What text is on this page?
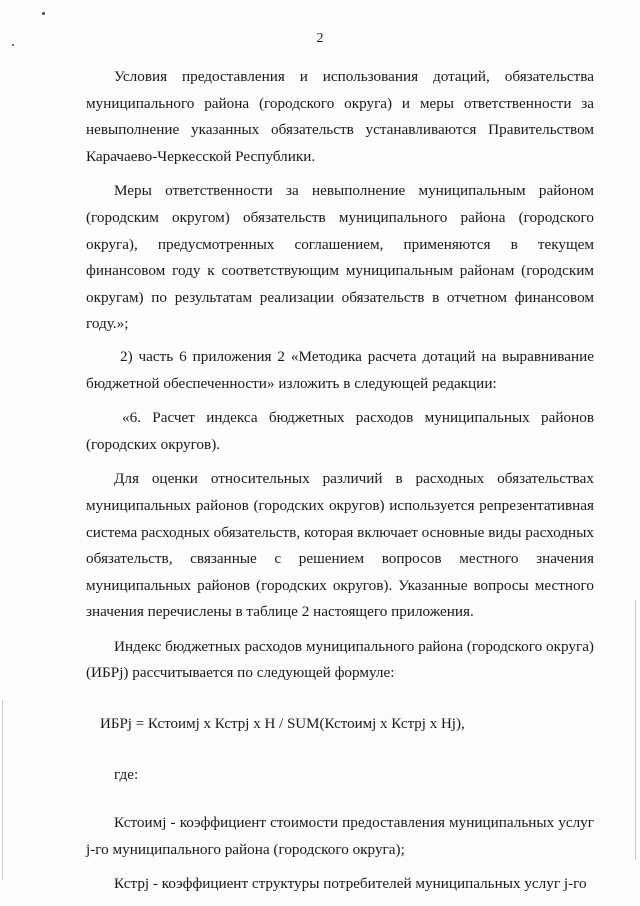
2

Условия предоставления и использования дотаций, обязательства муниципального района (городского округа) и меры ответственности за невыполнение указанных обязательств устанавливаются Правительством Карачаево-Черкесской Республики.

Меры ответственности за невыполнение муниципальным районом (городским округом) обязательств муниципального района (городского округа), предусмотренных соглашением, применяются в текущем финансовом году к соответствующим муниципальным районам (городским округам) по результатам реализации обязательств в отчетном финансовом году.»;

2) часть 6 приложения 2 «Методика расчета дотаций на выравнивание бюджетной обеспеченности» изложить в следующей редакции:

«6. Расчет индекса бюджетных расходов муниципальных районов (городских округов).

Для оценки относительных различий в расходных обязательствах муниципальных районов (городских округов) используется репрезентативная система расходных обязательств, которая включает основные виды расходных обязательств, связанные с решением вопросов местного значения муниципальных районов (городских округов). Указанные вопросы местного значения перечислены в таблице 2 настоящего приложения.

Индекс бюджетных расходов муниципального района (городского округа) (ИБРj) рассчитывается по следующей формуле:

ИБРj = Кстоимj x Кстрj x H / SUM(Кстоимj x Кстрj x Hj),

где:

Кстоимj - коэффициент стоимости предоставления муниципальных услуг j-го муниципального района (городского округа);

Кстрj - коэффициент структуры потребителей муниципальных услуг j-го
